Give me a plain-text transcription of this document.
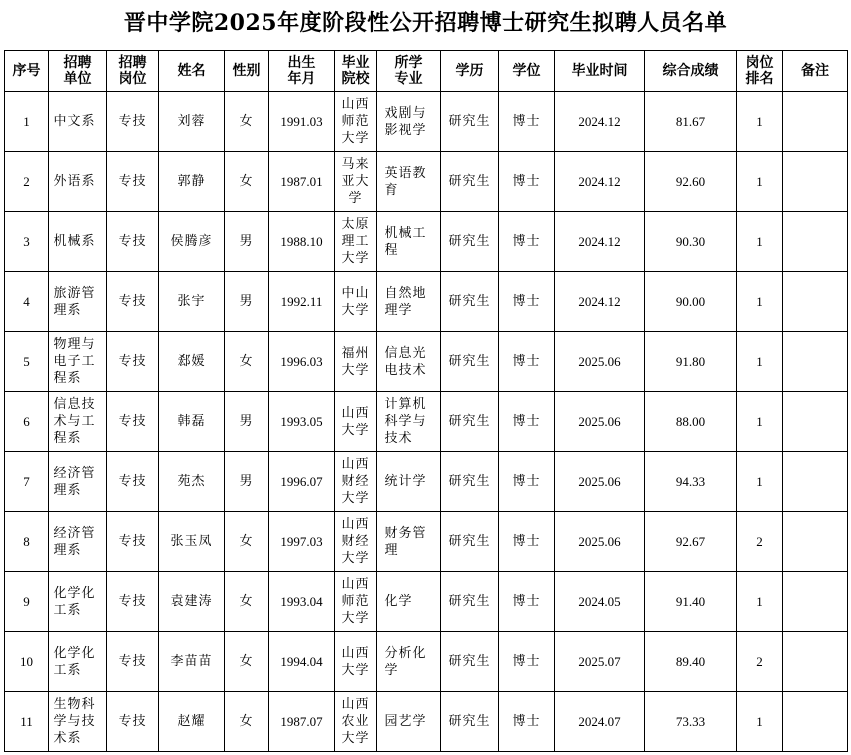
晋中学院2025年度阶段性公开招聘博士研究生拟聘人员名单
序号	招聘单位	招聘岗位	姓名	性别	出生年月	毕业院校	所学专业	学历	学位	毕业时间	综合成绩	岗位排名	备注
1	中文系	专技	刘蓉	女	1991.03	山西师范大学	戏剧与影视学	研究生	博士	2024.12	81.67	1	
2	外语系	专技	郭静	女	1987.01	马来亚大学	英语教育	研究生	博士	2024.12	92.60	1	
3	机械系	专技	侯腾彦	男	1988.10	太原理工大学	机械工程	研究生	博士	2024.12	90.30	1	
4	旅游管理系	专技	张宇	男	1992.11	中山大学	自然地理学	研究生	博士	2024.12	90.00	1	
5	物理与电子工程系	专技	郄媛	女	1996.03	福州大学	信息光电技术	研究生	博士	2025.06	91.80	1	
6	信息技术与工程系	专技	韩磊	男	1993.05	山西大学	计算机科学与技术	研究生	博士	2025.06	88.00	1	
7	经济管理系	专技	苑杰	男	1996.07	山西财经大学	统计学	研究生	博士	2025.06	94.33	1	
8	经济管理系	专技	张玉凤	女	1997.03	山西财经大学	财务管理	研究生	博士	2025.06	92.67	2	
9	化学化工系	专技	袁建涛	女	1993.04	山西师范大学	化学	研究生	博士	2024.05	91.40	1	
10	化学化工系	专技	李苗苗	女	1994.04	山西大学	分析化学	研究生	博士	2025.07	89.40	2	
11	生物科学与技术系	专技	赵耀	女	1987.07	山西农业大学	园艺学	研究生	博士	2024.07	73.33	1	
